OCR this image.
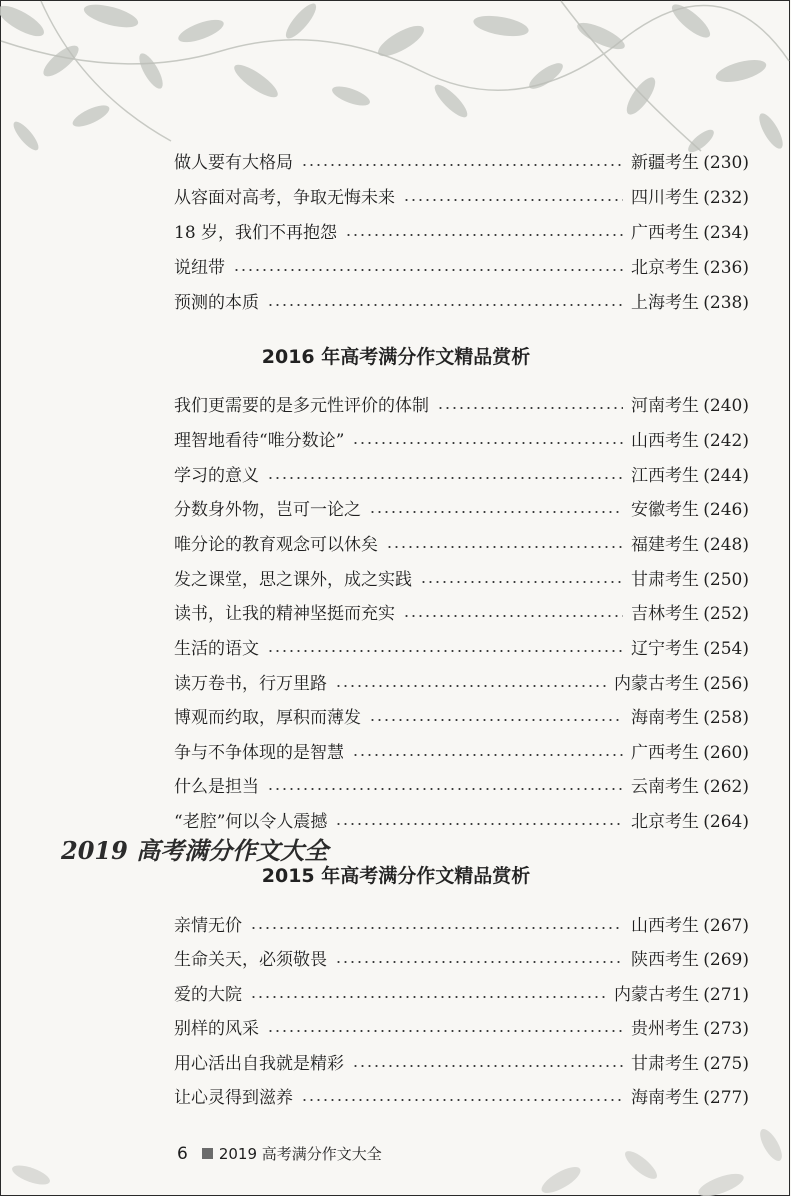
2019 高考满分作文大全
做人要有大格局	新疆考生 (230)
从容面对高考，争取无悔未来	四川考生 (232)
18 岁，我们不再抱怨	广西考生 (234)
说纽带	北京考生 (236)
预测的本质	上海考生 (238)
2016 年高考满分作文精品赏析
我们更需要的是多元性评价的体制	河南考生 (240)
理智地看待“唯分数论”	山西考生 (242)
学习的意义	江西考生 (244)
分数身外物，岂可一论之	安徽考生 (246)
唯分论的教育观念可以休矣	福建考生 (248)
发之课堂，思之课外，成之实践	甘肃考生 (250)
读书，让我的精神坚挺而充实	吉林考生 (252)
生活的语文	辽宁考生 (254)
读万卷书，行万里路	内蒙古考生 (256)
博观而约取，厚积而薄发	海南考生 (258)
争与不争体现的是智慧	广西考生 (260)
什么是担当	云南考生 (262)
“老腔”何以令人震撼	北京考生 (264)
2015 年高考满分作文精品赏析
亲情无价	山西考生 (267)
生命关天，必须敬畏	陕西考生 (269)
爱的大院	内蒙古考生 (271)
别样的风采	贵州考生 (273)
用心活出自我就是精彩	甘肃考生 (275)
让心灵得到滋养	海南考生 (277)
6 2019 高考满分作文大全
